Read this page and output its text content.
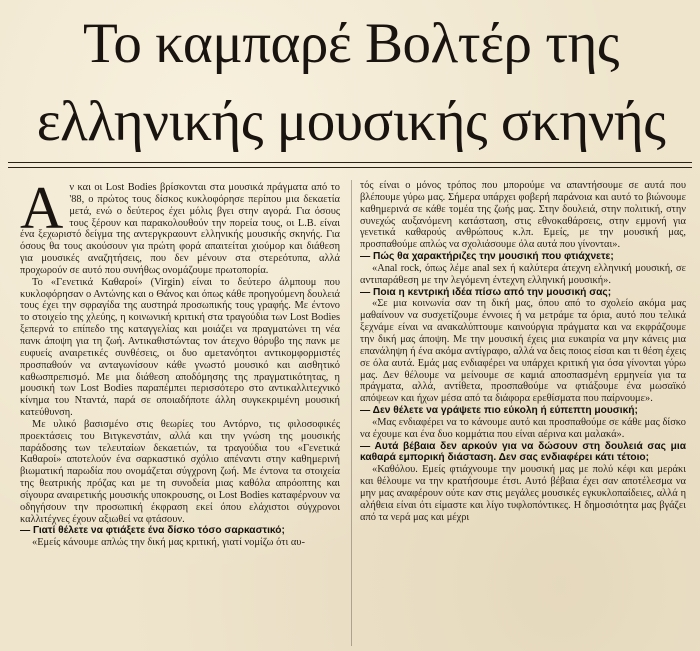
Το καμπαρέ Βολτέρ της
ελληνικής μουσικής σκηνής

Αν και οι Lost Bodies βρίσκονται στα μουσικά πράγματα από το '88, ο πρώτος τους δίσκος κυκλοφόρησε περίπου μια δεκαετία μετά, ενώ ο δεύτερος έχει μόλις βγει στην αγορά. Για όσους τους ξέρουν και παρακολουθούν την πορεία τους, οι L.B. είναι ένα ξεχωριστό δείγμα της αντεργκραουντ ελληνικής μουσικής σκηνής. Για όσους θα τους ακούσουν για πρώτη φορά απαιτείται χιούμορ και διάθεση για μουσικές αναζητήσεις, που δεν μένουν στα στερεότυπα, αλλά προχωρούν σε αυτό που συνήθως ονομάζουμε πρωτοπορία.

Το «Γενετικά Καθαροί» (Virgin) είναι το δεύτερο άλμπουμ που κυκλοφόρησαν ο Αντώνης και ο Θάνος και όπως κάθε προηγούμενη δουλειά τους έχει την σφραγίδα της αυστηρά προσωπικής τους γραφής. Με έντονο το στοιχείο της χλεύης, η κοινωνική κριτική στα τραγούδια των Lost Bodies ξεπερνά το επίπεδο της καταγγελίας και μοιάζει να πραγματώνει τη νέα πανκ άποψη για τη ζωή. Αντικαθιστώντας τον άτεχνο θόρυβο της πανκ με ευφυείς αναιρετικές συνθέσεις, οι δυο αμετανόητοι αντικομφορμιστές προσπαθούν να ανταγωνίσουν κάθε γνωστό μουσικό και αισθητικό καθωσπρεπισμό. Με μια διάθεση αποδόμησης της πραγματικότητας, η μουσική των Lost Bodies παραπέμπει περισσότερο στο αντικαλλιτεχνικό κίνημα του Νταντά, παρά σε οποιαδήποτε άλλη συγκεκριμένη μουσική κατεύθυνση.

Με υλικό βασισμένο στις θεωρίες του Αντόρνο, τις φιλοσοφικές προεκτάσεις του Βιτγκενστάιν, αλλά και την γνώση της μουσικής παράδοσης των τελευταίων δεκαετιών, τα τραγούδια του «Γενετικά Καθαροί» αποτελούν ένα σαρκαστικό σχόλιο απέναντι στην καθημερινή βιωματική παρωδία που ονομάζεται σύγχρονη ζωή. Με έντονα τα στοιχεία της θεατρικής πρόζας και με τη συνοδεία μιας καθόλα απρόοπτης και σίγουρα αναιρετικής μουσικής υποκρουσης, οι Lost Bodies καταφέρνουν να οδηγήσουν την προσωπική έκφραση εκεί όπου ελάχιστοι σύγχρονοι καλλιτέχνες έχουν αξιωθεί να φτάσουν.

— Γιατί θέλετε να φτιάξετε ένα δίσκο τόσο σαρκαστικό;

«Εμείς κάνουμε απλώς την δική μας κριτική, γιατί νομίζω ότι αυ-

τός είναι ο μόνος τρόπος που μπορούμε να απαντήσουμε σε αυτά που βλέπουμε γύρω μας. Σήμερα υπάρχει φοβερή παράνοια και αυτό το βιώνουμε καθημερινά σε κάθε τομέα της ζωής μας. Στην δουλειά, στην πολιτική, στην συνεχώς αυξανόμενη κατάσταση, στις εθνοκαθάρσεις, στην εμμονή για γενετικά καθαρούς ανθρώπους κ.λπ. Εμείς, με την μουσική μας, προσπαθούμε απλώς να σχολιάσουμε όλα αυτά που γίνονται».

— Πώς θα χαρακτήριζες την μουσική που φτιάχνετε;

«Anal rock, όπως λέμε anal sex ή καλύτερα άτεχνη ελληνική μουσική, σε αντιπαράθεση με την λεγόμενη έντεχνη ελληνική μουσική».

— Ποια η κεντρική ιδέα πίσω από την μουσική σας;

«Σε μια κοινωνία σαν τη δική μας, όπου από το σχολείο ακόμα μας μαθαίνουν να συσχετίζουμε έννοιες ή να μετράμε τα όρια, αυτό που τελικά ξεχνάμε είναι να ανακαλύπτουμε καινούργια πράγματα και να εκφράζουμε την δική μας άποψη. Με την μουσική έχεις μια ευκαιρία να μην κάνεις μια επανάληψη ή ένα ακόμα αντίγραφο, αλλά να δεις ποιος είσαι και τι θέση έχεις σε όλα αυτά. Εμάς μας ενδιαφέρει να υπάρχει κριτική για όσα γίνονται γύρω μας. Δεν θέλουμε να μείνουμε σε καμιά αποσπασμένη ερμηνεία για τα πράγματα, αλλά, αντίθετα, προσπαθούμε να φτιάξουμε ένα μωσαϊκό απόψεων και ήχων μέσα από τα διάφορα ερεθίσματα που παίρνουμε».

— Δεν θέλετε να γράψετε πιο εύκολη ή εύπεπτη μουσική;

«Μας ενδιαφέρει να το κάνουμε αυτό και προσπαθούμε σε κάθε μας δίσκο να έχουμε και ένα δυο κομμάτια που είναι αέρινα και μαλακά».

— Αυτά βέβαια δεν αρκούν για να δώσουν στη δουλειά σας μια καθαρά εμπορική διάσταση. Δεν σας ενδιαφέρει κάτι τέτοιο;

«Καθόλου. Εμείς φτιάχνουμε την μουσική μας με πολύ κέφι και μεράκι και θέλουμε να την κρατήσουμε έτσι. Αυτό βέβαια έχει σαν αποτέλεσμα να μην μας αναφέρουν ούτε καν στις μεγάλες μουσικές εγκυκλοπαίδειες, αλλά η αλήθεια είναι ότι είμαστε και λίγο τυφλοπόντικες. Η δημοσιότητα μας βγάζει από τα νερά μας και μέχρι
